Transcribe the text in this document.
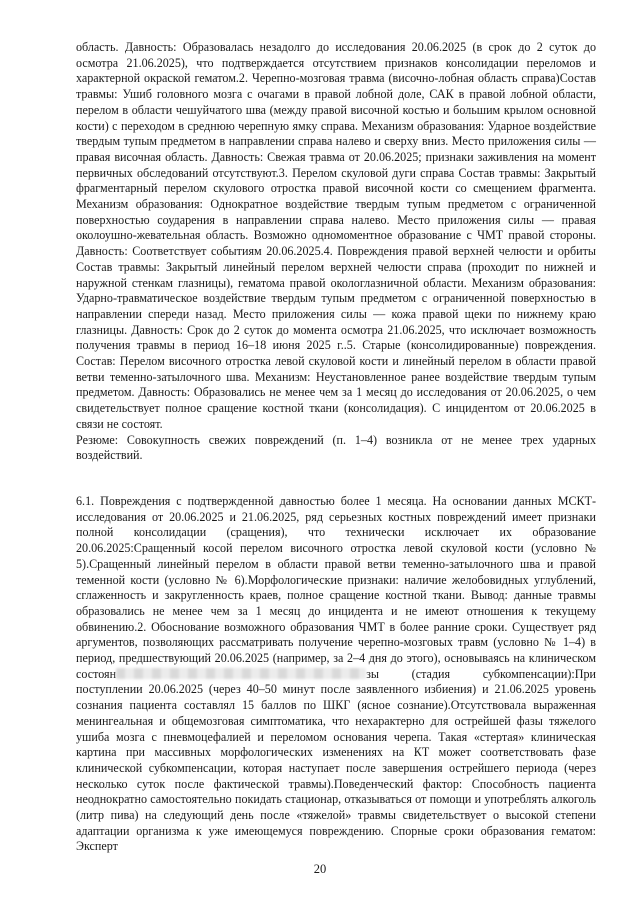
область. Давность: Образовалась незадолго до исследования 20.06.2025 (в срок до 2 суток до осмотра 21.06.2025), что подтверждается отсутствием признаков консолидации переломов и характерной окраской гематом.2. Черепно-мозговая травма (височно-лобная область справа)Состав травмы: Ушиб головного мозга с очагами в правой лобной доле, САК в правой лобной области, перелом в области чешуйчатого шва (между правой височной костью и большим крылом основной кости) с переходом в среднюю черепную ямку справа. Механизм образования: Ударное воздействие твердым тупым предметом в направлении справа налево и сверху вниз. Место приложения силы — правая височная область. Давность: Свежая травма от 20.06.2025; признаки заживления на момент первичных обследований отсутствуют.3. Перелом скуловой дуги справа Состав травмы: Закрытый фрагментарный перелом скулового отростка правой височной кости со смещением фрагмента. Механизм образования: Однократное воздействие твердым тупым предметом с ограниченной поверхностью соударения в направлении справа налево. Место приложения силы — правая околоушно-жевательная область. Возможно одномоментное образование с ЧМТ правой стороны. Давность: Соответствует событиям 20.06.2025.4. Повреждения правой верхней челюсти и орбиты Состав травмы: Закрытый линейный перелом верхней челюсти справа (проходит по нижней и наружной стенкам глазницы), гематома правой окологлазничной области. Механизм образования: Ударно-травматическое воздействие твердым тупым предметом с ограниченной поверхностью в направлении спереди назад. Место приложения силы — кожа правой щеки по нижнему краю глазницы. Давность: Срок до 2 суток до момента осмотра 21.06.2025, что исключает возможность получения травмы в период 16–18 июня 2025 г..5. Старые (консолидированные) повреждения. Состав: Перелом височного отростка левой скуловой кости и линейный перелом в области правой ветви теменно-затылочного шва. Механизм: Неустановленное ранее воздействие твердым тупым предметом. Давность: Образовались не менее чем за 1 месяц до исследования от 20.06.2025, о чем свидетельствует полное сращение костной ткани (консолидация). С инцидентом от 20.06.2025 в связи не состоят.

Резюме: Совокупность свежих повреждений (п. 1–4) возникла от не менее трех ударных воздействий.

6.1. Повреждения с подтвержденной давностью более 1 месяца. На основании данных МСКТ-исследования от 20.06.2025 и 21.06.2025, ряд серьезных костных повреждений имеет признаки полной консолидации (сращения), что технически исключает их образование 20.06.2025:Сращенный косой перелом височного отростка левой скуловой кости (условно № 5).Сращенный линейный перелом в области правой ветви теменно-затылочного шва и правой теменной кости (условно № 6).Морфологические признаки: наличие желобовидных углублений, сглаженность и закругленность краев, полное сращение костной ткани. Вывод: данные травмы образовались не менее чем за 1 месяц до инцидента и не имеют отношения к текущему обвинению.2. Обоснование возможного образования ЧМТ в более ранние сроки. Существует ряд аргументов, позволяющих рассматривать получение черепно-мозговых травм (условно № 1–4) в период, предшествующий 20.06.2025 (например, за 2–4 дня до этого), основываясь на клиническом состоян	зы (стадия субкомпенсации):При поступлении 20.06.2025 (через 40–50 минут после заявленного избиения) и 21.06.2025 уровень сознания пациента составлял 15 баллов по ШКГ (ясное сознание).Отсутствовала выраженная менингеальная и общемозговая симптоматика, что нехарактерно для острейшей фазы тяжелого ушиба мозга с пневмоцефалией и переломом основания черепа. Такая «стертая» клиническая картина при массивных морфологических изменениях на КТ может соответствовать фазе клинической субкомпенсации, которая наступает после завершения острейшего периода (через несколько суток после фактической травмы).Поведенческий фактор: Способность пациента неоднократно самостоятельно покидать стационар, отказываться от помощи и употреблять алкоголь (литр пива) на следующий день после «тяжелой» травмы свидетельствует о высокой степени адаптации организма к уже имеющемуся повреждению. Спорные сроки образования гематом: Эксперт

20
